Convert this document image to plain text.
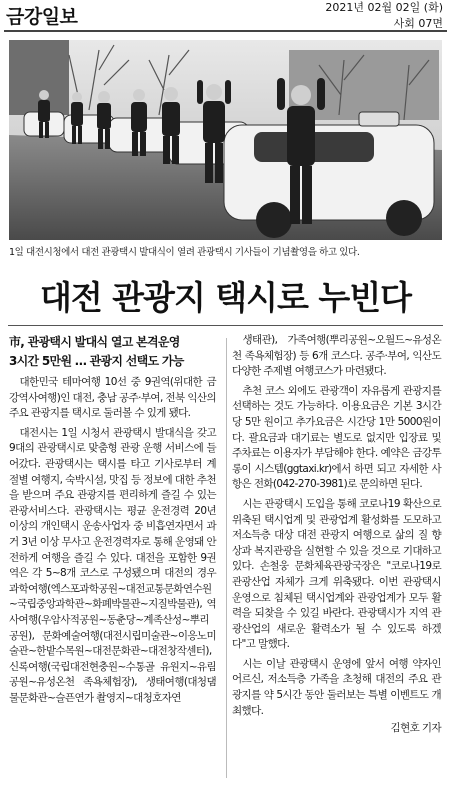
금강일보	2021년 02월 02일 (화)
사회 07면
1일 대전시청에서 대전 관광택시 발대식이 열려 관광택시 기사들이 기념촬영을 하고 있다.
대전 관광지 택시로 누빈다
市, 관광택시 발대식 열고 본격운영
3시간 5만원 … 관광지 선택도 가능

대한민국 테마여행 10선 중 9권역(위대한 금강역사여행)인 대전, 충남 공주·부여, 전북 익산의 주요 관광지를 택시로 둘러볼 수 있게 됐다.

대전시는 1일 시청서 관광택시 발대식을 갖고 9대의 관광택시로 맞춤형 관광 운행 서비스에 들어갔다. 관광택시는 택시를 타고 기사로부터 계절별 여행지, 숙박시설, 맛집 등 정보에 대한 추천을 받으며 주요 관광지를 편리하게 즐길 수 있는 관광서비스다. 관광택시는 평균 운전경력 20년 이상의 개인택시 운송사업자 중 비흡연자면서 과거 3년 이상 무사고 운전경력자로 통해 운영돼 안전하게 여행을 즐길 수 있다. 대전을 포함한 9권역은 각 5~8개 코스로 구성됐으며 대전의 경우 과학여행(엑스포과학공원~대전교통문화연수원~국립중앙과학관~화폐박물관~지질박물관), 역사여행(우암사적공원~동춘당~계족산성~뿌리공원), 문화예술여행(대전시립미술관~이응노미술관~한밭수목원~대전문화관~대전창작센터), 신록여행(국립대전현충원~수통골 유원지~유림공원~유성온천 족욕체험장), 생태여행(대청댐 물문화관~슬픈연가 촬영지~대청호자연

생태관), 가족여행(뿌리공원~오월드~유성온천 족욕체험장) 등 6개 코스다. 공주·부여, 익산도 다양한 주제별 여행코스가 마련됐다.

추천 코스 외에도 관광객이 자유롭게 관광지를 선택하는 것도 가능하다. 이용요금은 기본 3시간당 5만 원이고 추가요금은 시간당 1만 5000원이다. 괄요금과 대기료는 별도로 없지만 입장료 및 주차료는 이용자가 부담해야 한다. 예약은 금강투롱이 시스템(ggtaxi.kr)에서 하면 되고 자세한 사항은 전화(042-270-3981)로 문의하면 된다.

시는 관광택시 도입을 통해 코로나19 확산으로 위축된 택시업계 및 관광업계 활성화를 도모하고 저소득층 대상 대전 관광지 여행으로 삶의 질 향상과 복지관광을 실현할 수 있을 것으로 기대하고 있다. 손철웅 문화체육관광국장은 "코로나19로 관광산업 자체가 크게 위축됐다. 이번 관광택시 운영으로 침체된 택시업계와 관광업계가 모두 활력을 되찾을 수 있길 바란다. 관광택시가 지역 관광산업의 새로운 활력소가 될 수 있도록 하겠다"고 말했다.

시는 이날 관광택시 운영에 앞서 여행 약자인 어르신, 저소득층 가족을 초청해 대전의 주요 관광지를 약 5시간 동안 둘러보는 특별 이벤트도 개최했다.

김현호 기자
